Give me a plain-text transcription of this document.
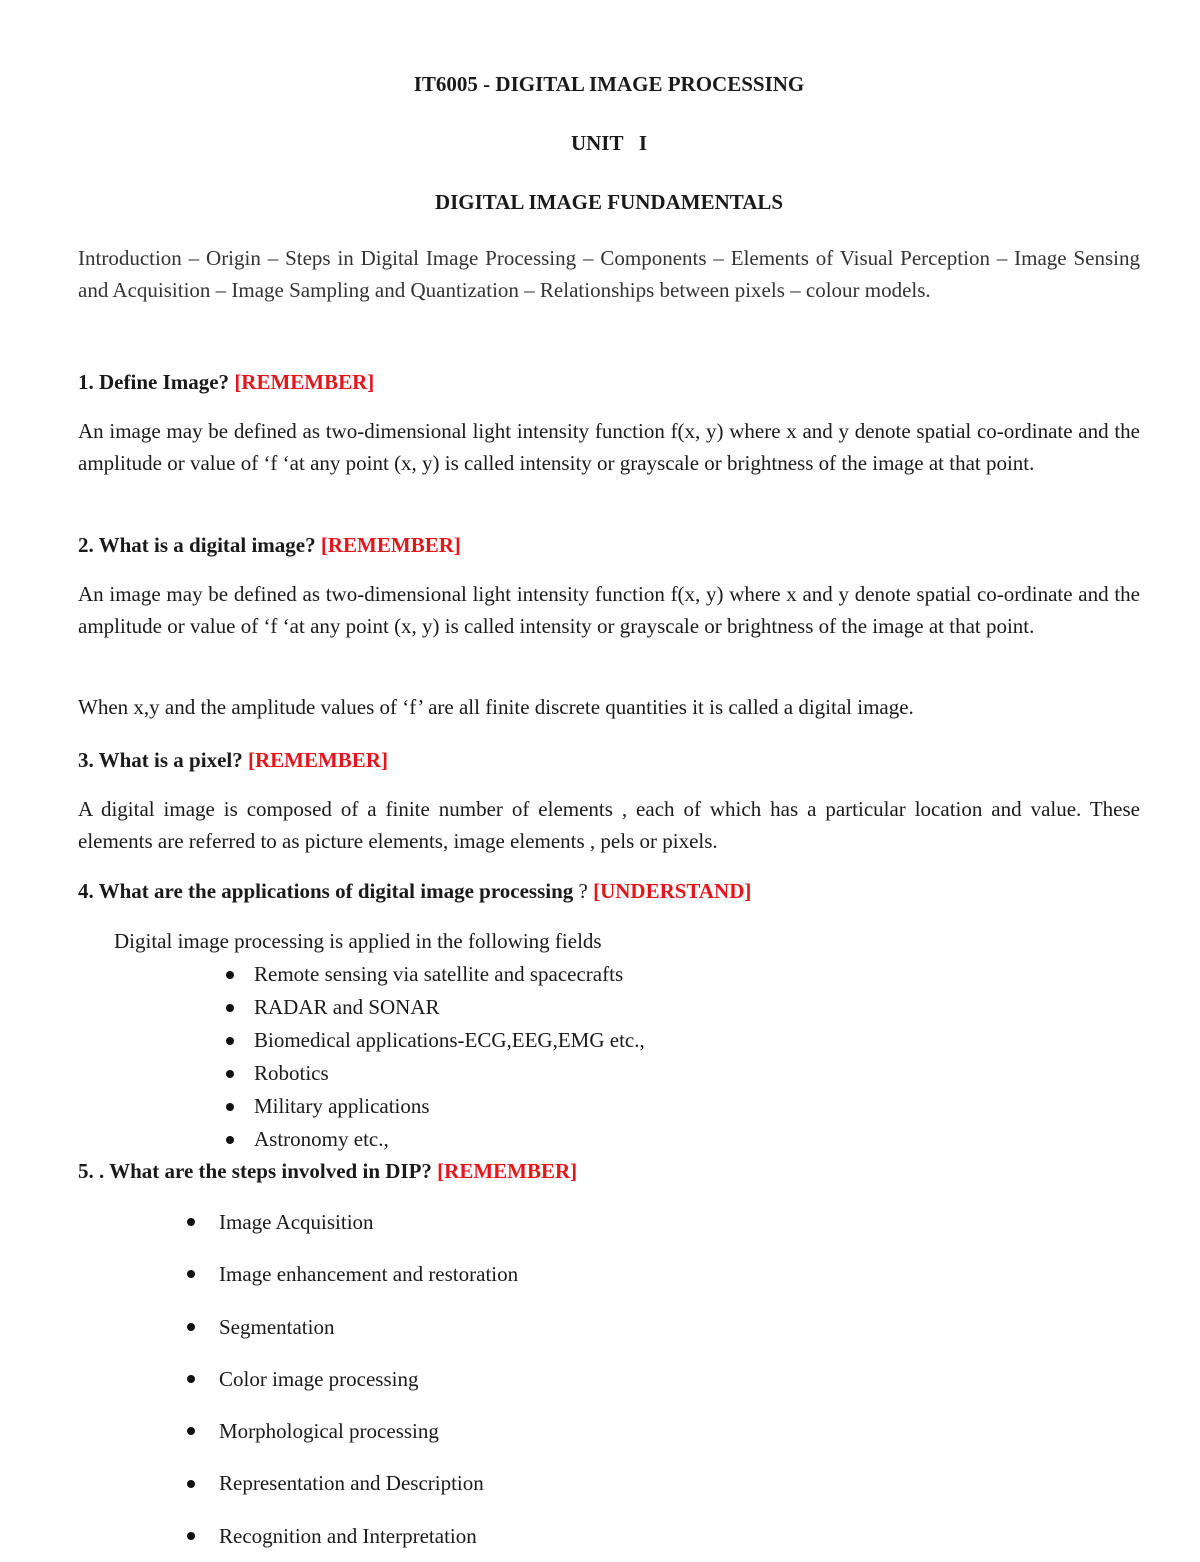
IT6005 - DIGITAL IMAGE PROCESSING

UNIT   I

DIGITAL IMAGE FUNDAMENTALS

Introduction – Origin – Steps in Digital Image Processing – Components – Elements of Visual Perception – Image Sensing and Acquisition – Image Sampling and Quantization – Relationships between pixels – colour models.

1. Define Image? [REMEMBER]

An image may be defined as two-dimensional light intensity function f(x, y) where x and y denote spatial co-ordinate and the amplitude or value of ‘f ‘at any point (x, y) is called intensity or grayscale or brightness of the image at that point.

2. What is a digital image? [REMEMBER]

An image may be defined as two-dimensional light intensity function f(x, y) where x and y denote spatial co-ordinate and the amplitude or value of ‘f ‘at any point (x, y) is called intensity or grayscale or brightness of the image at that point.

When x,y and the amplitude values of ‘f’ are all finite discrete quantities it is called a digital image.

3. What is a pixel? [REMEMBER]

A digital image is composed of a finite number of elements , each of which has a particular location and value. These elements are referred to as picture elements, image elements , pels or pixels.

4. What are the applications of digital image processing ? [UNDERSTAND]

Digital image processing is applied in the following fields

Remote sensing via satellite and spacecrafts
RADAR and SONAR
Biomedical applications-ECG,EEG,EMG etc.,
Robotics
Military applications
Astronomy etc.,

5. . What are the steps involved in DIP? [REMEMBER]

Image Acquisition
Image enhancement and restoration
Segmentation
Color image processing
Morphological processing
Representation and Description
Recognition and Interpretation
